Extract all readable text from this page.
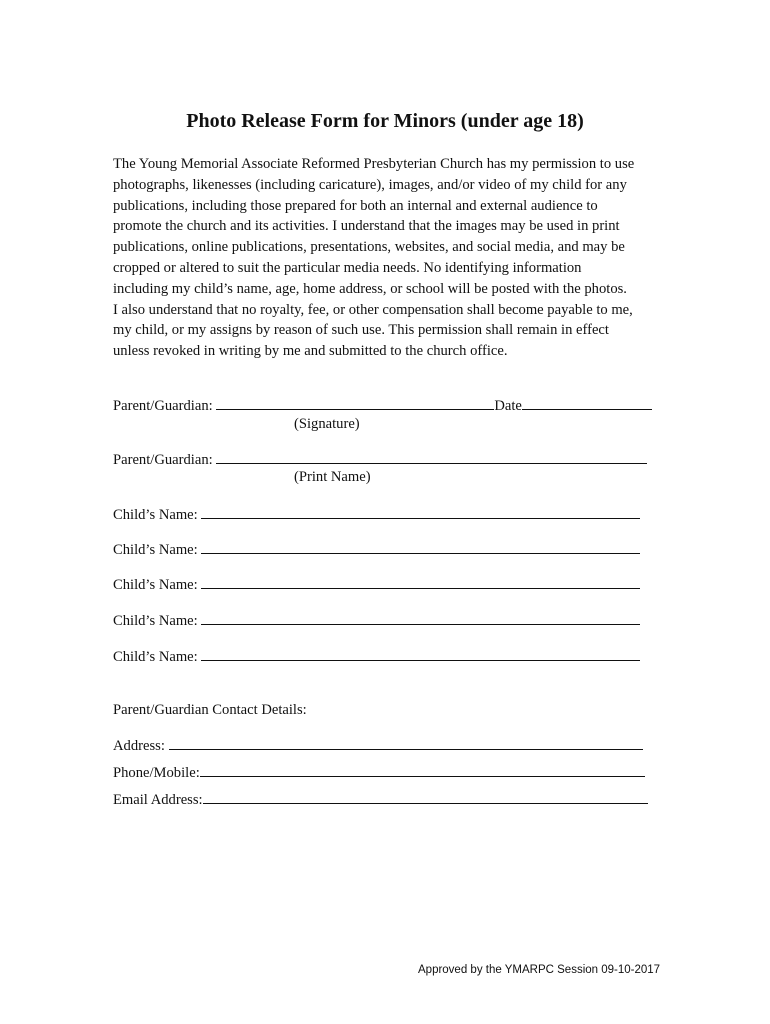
Photo Release Form for Minors (under age 18)
The Young Memorial Associate Reformed Presbyterian Church has my permission to use
photographs, likenesses (including caricature), images, and/or video of my child for any
publications, including those prepared for both an internal and external audience to
promote the church and its activities. I understand that the images may be used in print
publications, online publications, presentations, websites, and social media, and may be
cropped or altered to suit the particular media needs. No identifying information
including my child’s name, age, home address, or school will be posted with the photos.
I also understand that no royalty, fee, or other compensation shall become payable to me,
my child, or my assigns by reason of such use. This permission shall remain in effect
unless revoked in writing by me and submitted to the church office.
Parent/Guardian:	Date
(Signature)
Parent/Guardian:
(Print Name)
Child’s Name:
Child’s Name:
Child’s Name:
Child’s Name:
Child’s Name:
Parent/Guardian Contact Details:
Address:
Phone/Mobile:
Email Address:
Approved by the YMARPC Session 09-10-2017
